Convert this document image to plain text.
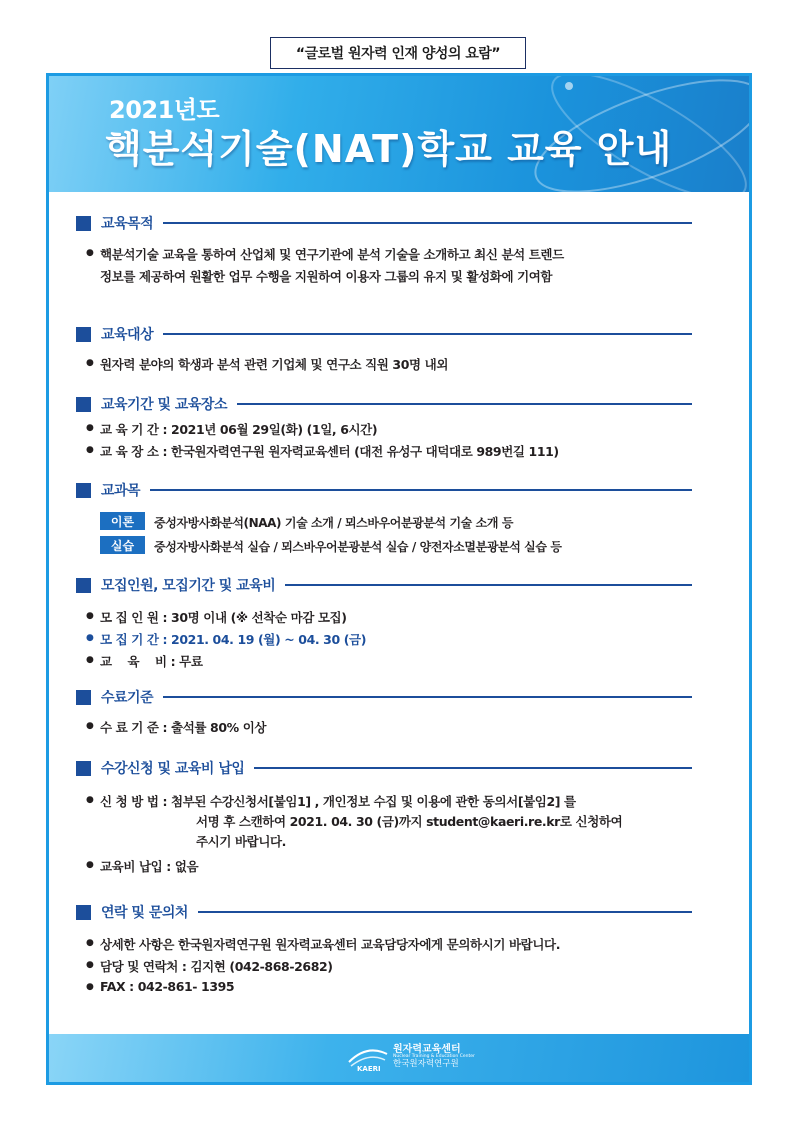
“글로벌 원자력 인재 양성의 요람”
2021년도
핵분석기술(NAT)학교 교육 안내
KAERI
원자력교육센터
Nuclear Training & Education Center
한국원자력연구원
교육목적
● 핵분석기술 교육을 통하여 산업체 및 연구기관에 분석 기술을 소개하고 최신 분석 트렌드
정보를 제공하여 원활한 업무 수행을 지원하여 이용자 그룹의 유지 및 활성화에 기여함
교육대상
● 원자력 분야의 학생과 분석 관련 기업체 및 연구소 직원 30명 내외
교육기간 및 교육장소
● 교 육 기 간 : 2021년 06월 29일(화) (1일, 6시간)
● 교 육 장 소 : 한국원자력연구원 원자력교육센터 (대전 유성구 대덕대로 989번길 111)
교과목
이론	중성자방사화분석(NAA) 기술 소개 / 뫼스바우어분광분석 기술 소개 등
실습	중성자방사화분석 실습 / 뫼스바우어분광분석 실습 / 양전자소멸분광분석 실습 등
모집인원, 모집기간 및 교육비
● 모 집 인 원 : 30명 이내 (※ 선착순 마감 모집)
● 모 집 기 간 : 2021. 04. 19 (월) ~ 04. 30 (금)
● 교    육    비 : 무료
수료기준
● 수 료 기 준 : 출석률 80% 이상
수강신청 및 교육비 납입
● 신 청 방 법 : 첨부된 수강신청서[붙임1] , 개인정보 수집 및 이용에 관한 동의서[붙임2] 를
서명 후 스캔하여 2021. 04. 30 (금)까지 student@kaeri.re.kr로 신청하여
주시기 바랍니다.
● 교육비 납입 : 없음
연락 및 문의처
● 상세한 사항은 한국원자력연구원 원자력교육센터 교육담당자에게 문의하시기 바랍니다.
● 담당 및 연락처 : 김지현 (042-868-2682)
● FAX : 042-861- 1395
